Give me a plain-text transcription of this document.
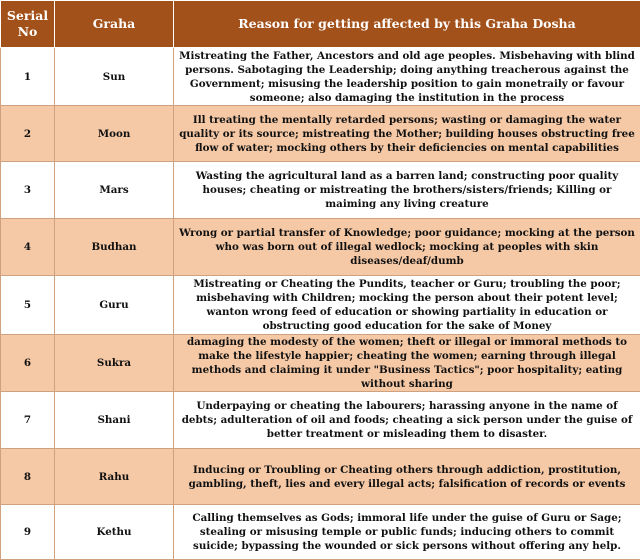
Serial No	Graha	Reason for getting affected by this Graha Dosha
1	Sun	Mistreating the Father, Ancestors and old age peoples. Misbehaving with blind persons. Sabotaging the Leadership; doing anything treacherous against the Government; misusing the leadership position to gain monetraily or favour someone; also damaging the institution in the process

2	Moon	Ill treating the mentally retarded persons; wasting or damaging the water quality or its source; mistreating the Mother; building houses obstructing free flow of water; mocking others by their deficiencies on mental capabilities

3	Mars	Wasting the agricultural land as a barren land; constructing poor quality houses; cheating or mistreating the brothers/sisters/friends; Killing or maiming any living creature

4	Budhan	Wrong or partial transfer of Knowledge; poor guidance; mocking at the person who was born out of illegal wedlock; mocking at peoples with skin diseases/deaf/dumb

5	Guru	Mistreating or Cheating the Pundits, teacher or Guru; troubling the poor; misbehaving with Children; mocking the person about their potent level; wanton wrong feed of education or showing partiality in education or obstructing good education for the sake of Money

6	Sukra	damaging the modesty of the women; theft or illegal or immoral methods to make the lifestyle happier; cheating the women; earning through illegal methods and claiming it under "Business Tactics"; poor hospitality; eating without sharing

7	Shani	Underpaying or cheating the labourers; harassing anyone in the name of debts; adulteration of oil and foods; cheating a sick person under the guise of better treatment or misleading them to disaster.

8	Rahu	Inducing or Troubling or Cheating others through addiction, prostitution, gambling, theft, lies and every illegal acts; falsification of records or events

9	Kethu	Calling themselves as Gods; immoral life under the guise of Guru or Sage; stealing or misusing temple or public funds; inducing others to commit suicide; bypassing the wounded or sick persons without offering any help.
